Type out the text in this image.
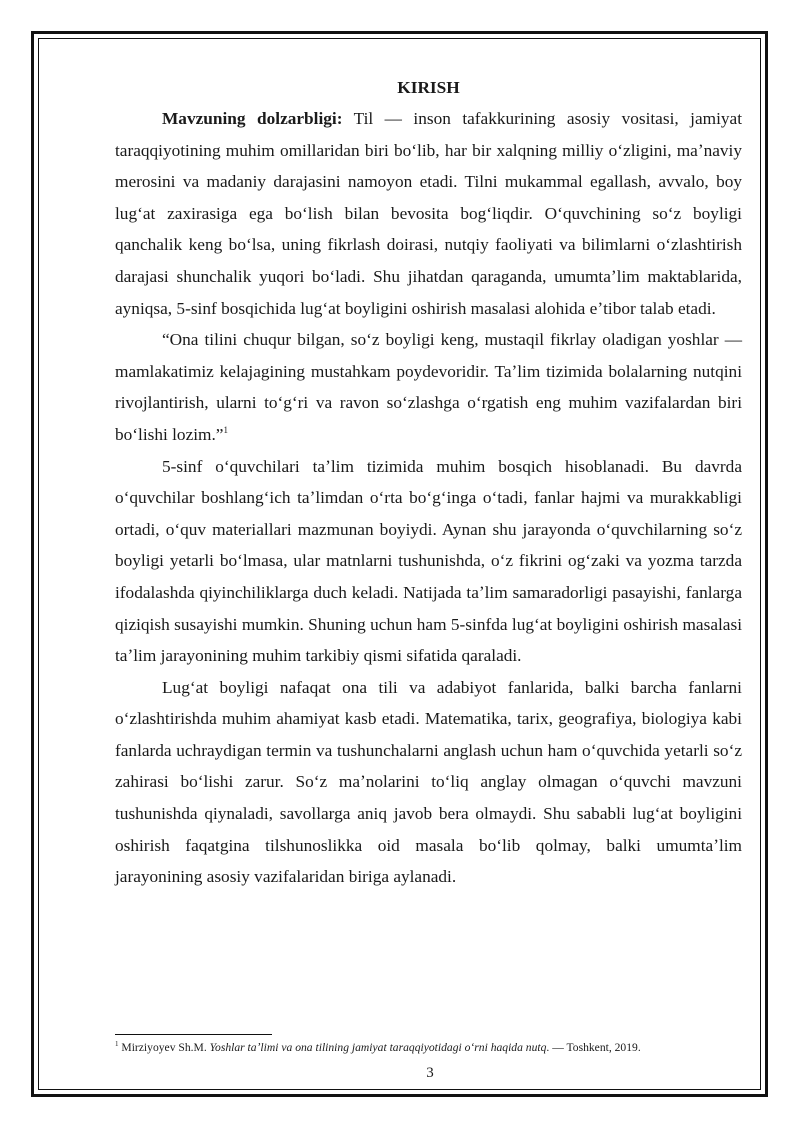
KIRISH

Mavzuning dolzarbligi: Til — inson tafakkurining asosiy vositasi, jamiyat taraqqiyotining muhim omillaridan biri boʻlib, har bir xalqning milliy oʻzligini, maʼnaviy merosini va madaniy darajasini namoyon etadi. Tilni mukammal egallash, avvalo, boy lugʻat zaxirasiga ega boʻlish bilan bevosita bogʻliqdir. Oʻquvchining soʻz boyligi qanchalik keng boʻlsa, uning fikrlash doirasi, nutqiy faoliyati va bilimlarni oʻzlashtirish darajasi shunchalik yuqori boʻladi. Shu jihatdan qaraganda, umumtaʼlim maktablarida, ayniqsa, 5-sinf bosqichida lugʻat boyligini oshirish masalasi alohida eʼtibor talab etadi.

“Ona tilini chuqur bilgan, soʻz boyligi keng, mustaqil fikrlay oladigan yoshlar — mamlakatimiz kelajagining mustahkam poydevoridir. Taʼlim tizimida bolalarning nutqini rivojlantirish, ularni toʻgʻri va ravon soʻzlashga oʻrgatish eng muhim vazifalardan biri boʻlishi lozim.”$^1$

5-sinf oʻquvchilari taʼlim tizimida muhim bosqich hisoblanadi. Bu davrda oʻquvchilar boshlangʻich taʼlimdan oʻrta boʻgʻinga oʻtadi, fanlar hajmi va murakkabligi ortadi, oʻquv materiallari mazmunan boyiydi. Aynan shu jarayonda oʻquvchilarning soʻz boyligi yetarli boʻlmasa, ular matnlarni tushunishda, oʻz fikrini ogʻzaki va yozma tarzda ifodalashda qiyinchiliklarga duch keladi. Natijada taʼlim samaradorligi pasayishi, fanlarga qiziqish susayishi mumkin. Shuning uchun ham 5-sinfda lugʻat boyligini oshirish masalasi taʼlim jarayonining muhim tarkibiy qismi sifatida qaraladi.

Lugʻat boyligi nafaqat ona tili va adabiyot fanlarida, balki barcha fanlarni oʻzlashtirishda muhim ahamiyat kasb etadi. Matematika, tarix, geografiya, biologiya kabi fanlarda uchraydigan termin va tushunchalarni anglash uchun ham oʻquvchida yetarli soʻz zahirasi boʻlishi zarur. Soʻz maʼnolarini toʻliq anglay olmagan oʻquvchi mavzuni tushunishda qiynaladi, savollarga aniq javob bera olmaydi. Shu sababli lugʻat boyligini oshirish faqatgina tilshunoslikka oid masala boʻlib qolmay, balki umumtaʼlim jarayonining asosiy vazifalaridan biriga aylanadi.

$^1$ Mirziyoyev Sh.M. Yoshlar taʼlimi va ona tilining jamiyat taraqqiyotidagi oʻrni haqida nutq. — Toshkent, 2019.
3
